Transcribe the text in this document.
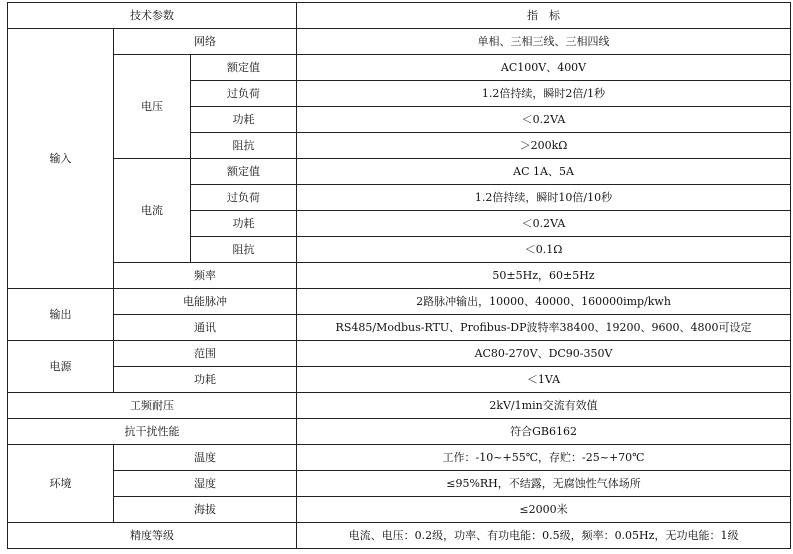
技术参数			指　标
输入	网络		单相、三相三线、三相四线
	电压	额定值	AC100V、400V
		过负荷	1.2倍持续，瞬时2倍/1秒
		功耗	＜0.2VA
		阻抗	＞200kΩ
	电流	额定值	AC 1A、5A
		过负荷	1.2倍持续，瞬时10倍/10秒
		功耗	＜0.2VA
		阻抗	＜0.1Ω
	频率		50±5Hz，60±5Hz
输出	电能脉冲		2路脉冲输出，10000、40000、160000imp/kwh
	通讯		RS485/Modbus-RTU、Profibus-DP波特率38400、19200、9600、4800可设定
电源	范围		AC80-270V、DC90-350V
	功耗		＜1VA
工频耐压			2kV/1min交流有效值
抗干扰性能			符合GB6162
环境	温度		工作：-10~+55℃，存贮：-25~+70℃
	湿度		≤95%RH，不结露，无腐蚀性气体场所
	海拔		≤2000米
精度等级			电流、电压：0.2级，功率、有功电能：0.5级，频率：0.05Hz，无功电能：1级
